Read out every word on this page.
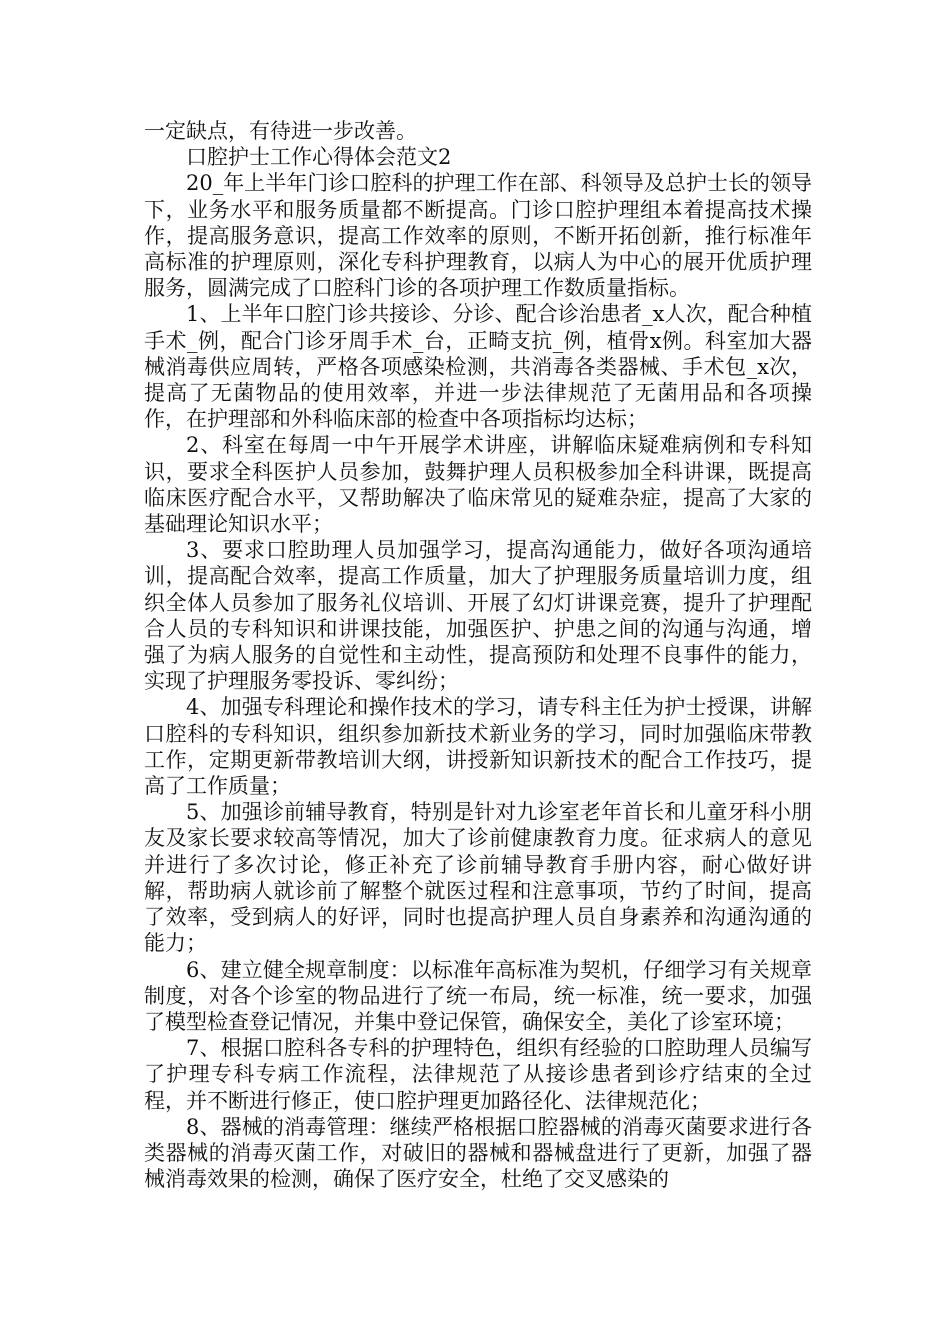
一定缺点，有待进一步改善。

口腔护士工作心得体会范文2

20_年上半年门诊口腔科的护理工作在部、科领导及总护士长的领导下，业务水平和服务质量都不断提高。门诊口腔护理组本着提高技术操作，提高服务意识，提高工作效率的原则，不断开拓创新，推行标准年高标准的护理原则，深化专科护理教育，以病人为中心的展开优质护理服务，圆满完成了口腔科门诊的各项护理工作数质量指标。

1、上半年口腔门诊共接诊、分诊、配合诊治患者_x人次，配合种植手术_例，配合门诊牙周手术_台，正畸支抗_例，植骨x例。科室加大器械消毒供应周转，严格各项感染检测，共消毒各类器械、手术包_x次，提高了无菌物品的使用效率，并进一步法律规范了无菌用品和各项操作，在护理部和外科临床部的检查中各项指标均达标；

2、科室在每周一中午开展学术讲座，讲解临床疑难病例和专科知识，要求全科医护人员参加，鼓舞护理人员积极参加全科讲课，既提高临床医疗配合水平，又帮助解决了临床常见的疑难杂症，提高了大家的基础理论知识水平；

3、要求口腔助理人员加强学习，提高沟通能力，做好各项沟通培训，提高配合效率，提高工作质量，加大了护理服务质量培训力度，组织全体人员参加了服务礼仪培训、开展了幻灯讲课竞赛，提升了护理配合人员的专科知识和讲课技能，加强医护、护患之间的沟通与沟通，增强了为病人服务的自觉性和主动性，提高预防和处理不良事件的能力，实现了护理服务零投诉、零纠纷；

4、加强专科理论和操作技术的学习，请专科主任为护士授课，讲解口腔科的专科知识，组织参加新技术新业务的学习，同时加强临床带教工作，定期更新带教培训大纲，讲授新知识新技术的配合工作技巧，提高了工作质量；

5、加强诊前辅导教育，特别是针对九诊室老年首长和儿童牙科小朋友及家长要求较高等情况，加大了诊前健康教育力度。征求病人的意见并进行了多次讨论，修正补充了诊前辅导教育手册内容，耐心做好讲解，帮助病人就诊前了解整个就医过程和注意事项，节约了时间，提高了效率，受到病人的好评，同时也提高护理人员自身素养和沟通沟通的能力；

6、建立健全规章制度：以标准年高标准为契机，仔细学习有关规章制度，对各个诊室的物品进行了统一布局，统一标准，统一要求，加强了模型检查登记情况，并集中登记保管，确保安全，美化了诊室环境；

7、根据口腔科各专科的护理特色，组织有经验的口腔助理人员编写了护理专科专病工作流程，法律规范了从接诊患者到诊疗结束的全过程，并不断进行修正，使口腔护理更加路径化、法律规范化；

8、器械的消毒管理：继续严格根据口腔器械的消毒灭菌要求进行各类器械的消毒灭菌工作，对破旧的器械和器械盘进行了更新，加强了器械消毒效果的检测，确保了医疗安全，杜绝了交叉感染的
